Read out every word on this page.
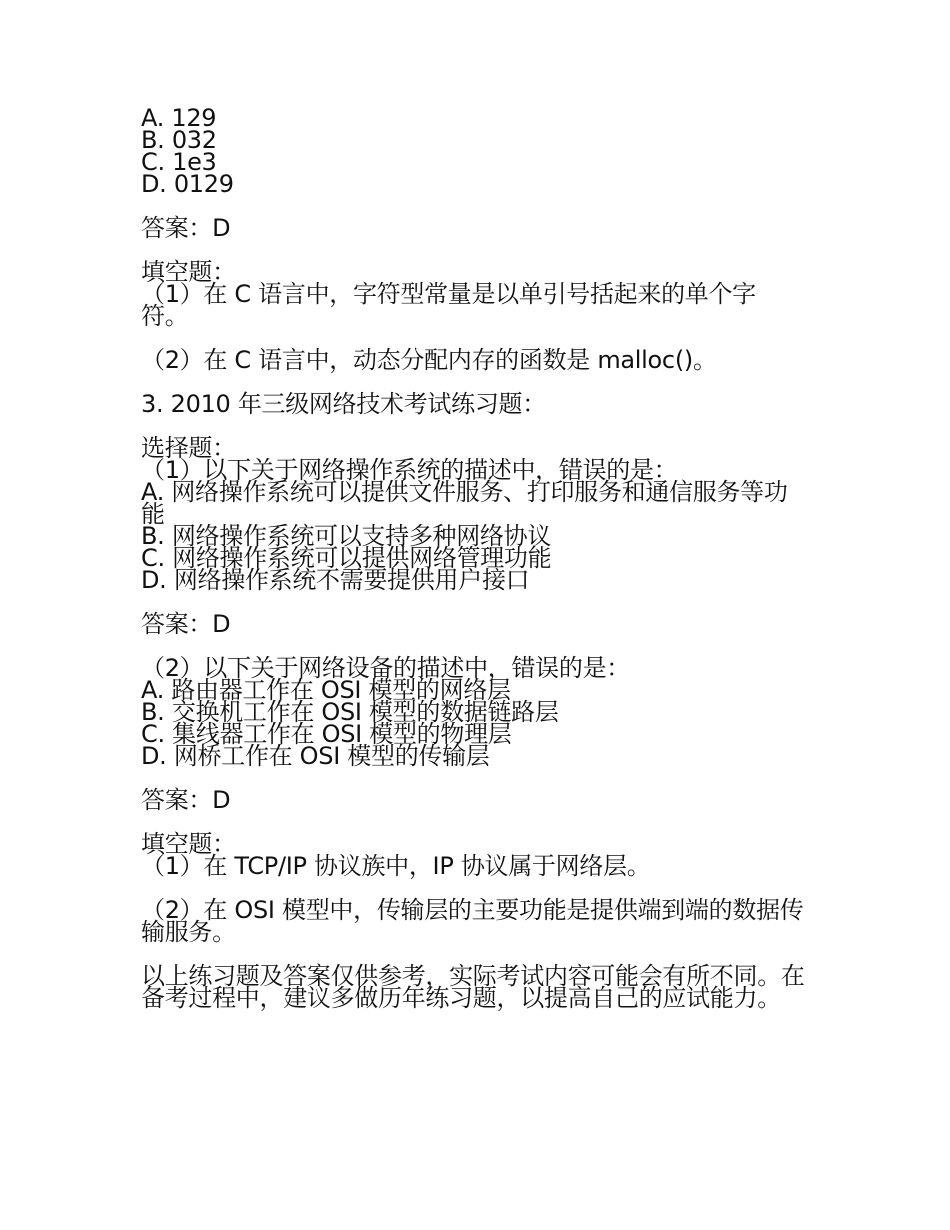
A. 129
B. 032
C. 1e3
D. 0129
答案：D
填空题：
（1）在 C 语言中，字符型常量是以单引号括起来的单个字符。
（2）在 C 语言中，动态分配内存的函数是 malloc()。
3. 2010 年三级网络技术考试练习题：
选择题：
（1）以下关于网络操作系统的描述中，错误的是：
A. 网络操作系统可以提供文件服务、打印服务和通信服务等功能
B. 网络操作系统可以支持多种网络协议
C. 网络操作系统可以提供网络管理功能
D. 网络操作系统不需要提供用户接口
答案：D
（2）以下关于网络设备的描述中，错误的是：
A. 路由器工作在 OSI 模型的网络层
B. 交换机工作在 OSI 模型的数据链路层
C. 集线器工作在 OSI 模型的物理层
D. 网桥工作在 OSI 模型的传输层
答案：D
填空题：
（1）在 TCP/IP 协议族中，IP 协议属于网络层。
（2）在 OSI 模型中，传输层的主要功能是提供端到端的数据传输服务。
以上练习题及答案仅供参考，实际考试内容可能会有所不同。在备考过程中，建议多做历年练习题，以提高自己的应试能力。
